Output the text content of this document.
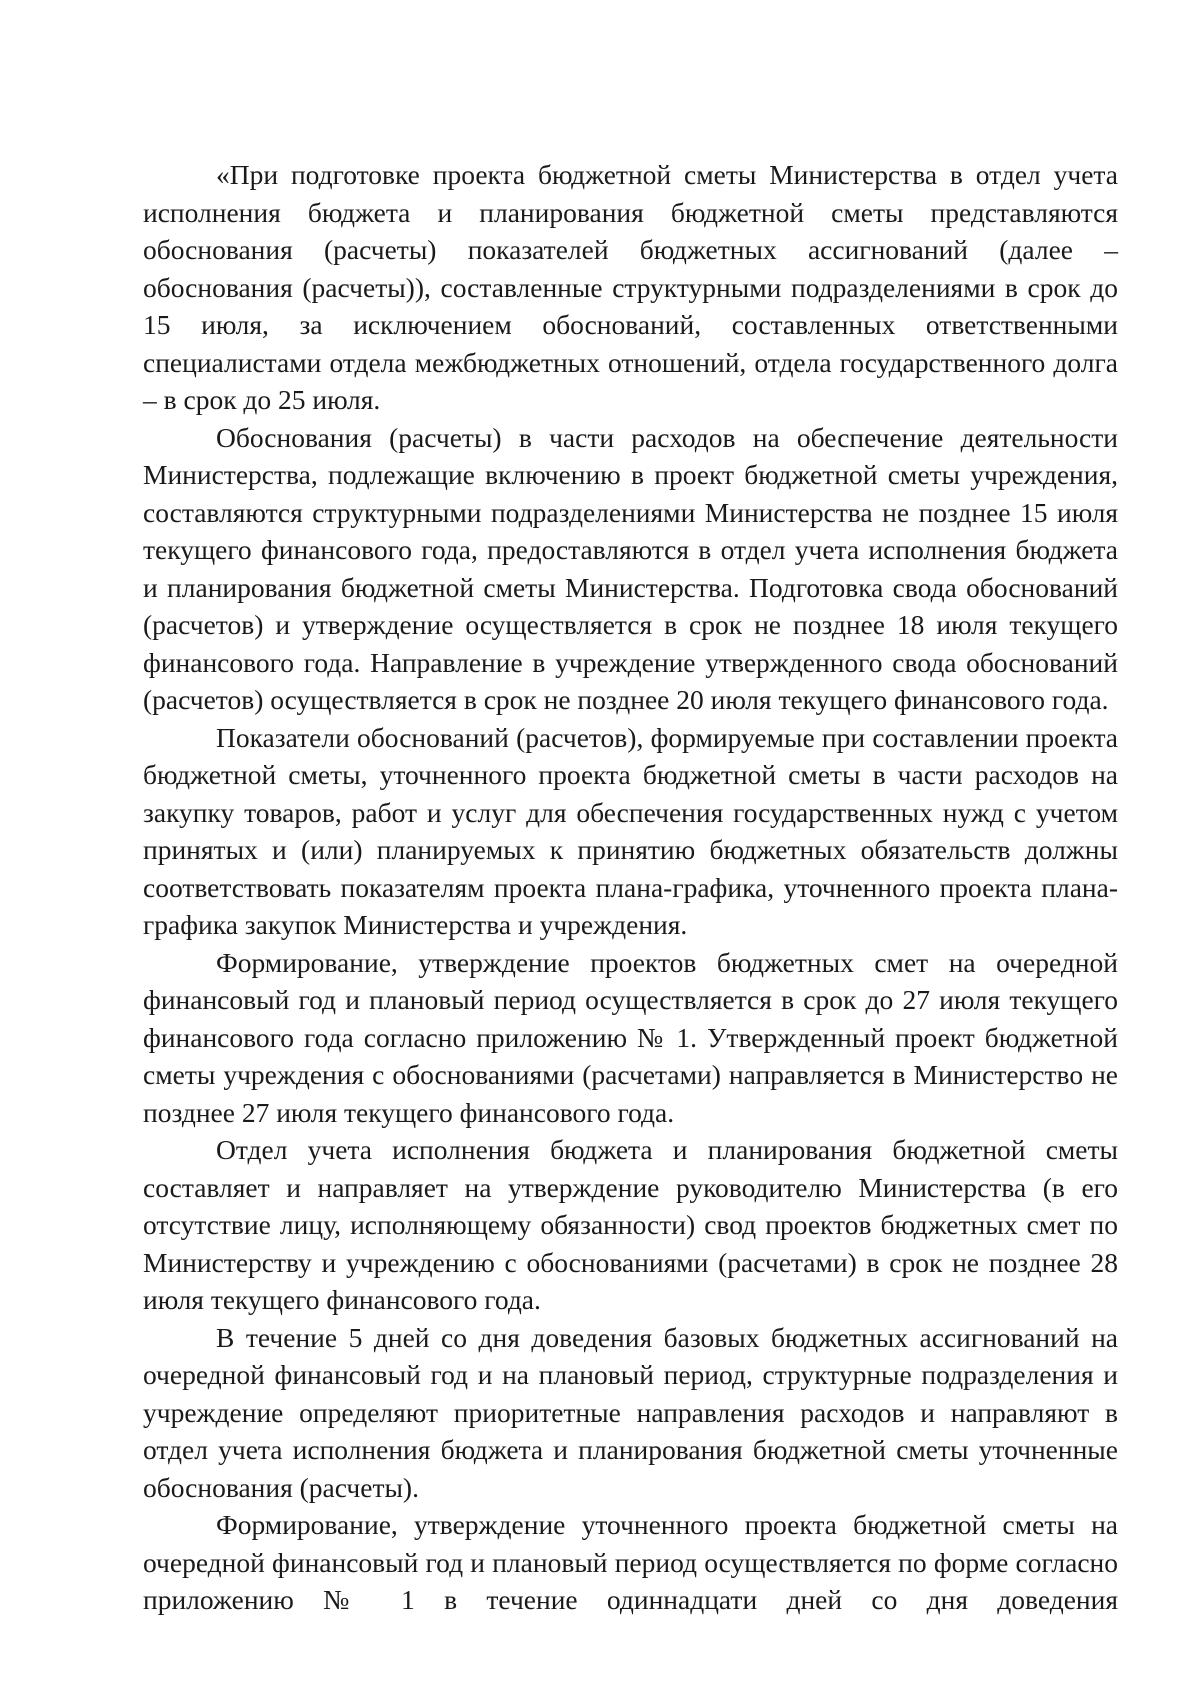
«При подготовке проекта бюджетной сметы Министерства в отдел учета исполнения бюджета и планирования бюджетной сметы представляются обоснования (расчеты) показателей бюджетных ассигнований (далее – обоснования (расчеты)), составленные структурными подразделениями в срок до 15 июля, за исключением обоснований, составленных ответственными специалистами отдела межбюджетных отношений, отдела государственного долга – в срок до 25 июля.

Обоснования (расчеты) в части расходов на обеспечение деятельности Министерства, подлежащие включению в проект бюджетной сметы учреждения, составляются структурными подразделениями Министерства не позднее 15 июля текущего финансового года, предоставляются в отдел учета исполнения бюджета и планирования бюджетной сметы Министерства. Подготовка свода обоснований (расчетов) и утверждение осуществляется в срок не позднее 18 июля текущего финансового года. Направление в учреждение утвержденного свода обоснований (расчетов) осуществляется в срок не позднее 20 июля текущего финансового года.

Показатели обоснований (расчетов), формируемые при составлении проекта бюджетной сметы, уточненного проекта бюджетной сметы в части расходов на закупку товаров, работ и услуг для обеспечения государственных нужд с учетом принятых и (или) планируемых к принятию бюджетных обязательств должны соответствовать показателям проекта плана-графика, уточненного проекта плана-графика закупок Министерства и учреждения.

Формирование, утверждение проектов бюджетных смет на очередной финансовый год и плановый период осуществляется в срок до 27 июля текущего финансового года согласно приложению № 1. Утвержденный проект бюджетной сметы учреждения с обоснованиями (расчетами) направляется в Министерство не позднее 27 июля текущего финансового года.

Отдел учета исполнения бюджета и планирования бюджетной сметы составляет и направляет на утверждение руководителю Министерства (в его отсутствие лицу, исполняющему обязанности) свод проектов бюджетных смет по Министерству и учреждению с обоснованиями (расчетами) в срок не позднее 28 июля текущего финансового года.

В течение 5 дней со дня доведения базовых бюджетных ассигнований на очередной финансовый год и на плановый период, структурные подразделения и учреждение определяют приоритетные направления расходов и направляют в отдел учета исполнения бюджета и планирования бюджетной сметы уточненные обоснования (расчеты).

Формирование, утверждение уточненного проекта бюджетной сметы на очередной финансовый год и плановый период осуществляется по форме согласно приложению № 1 в течение одиннадцати дней со дня доведения
